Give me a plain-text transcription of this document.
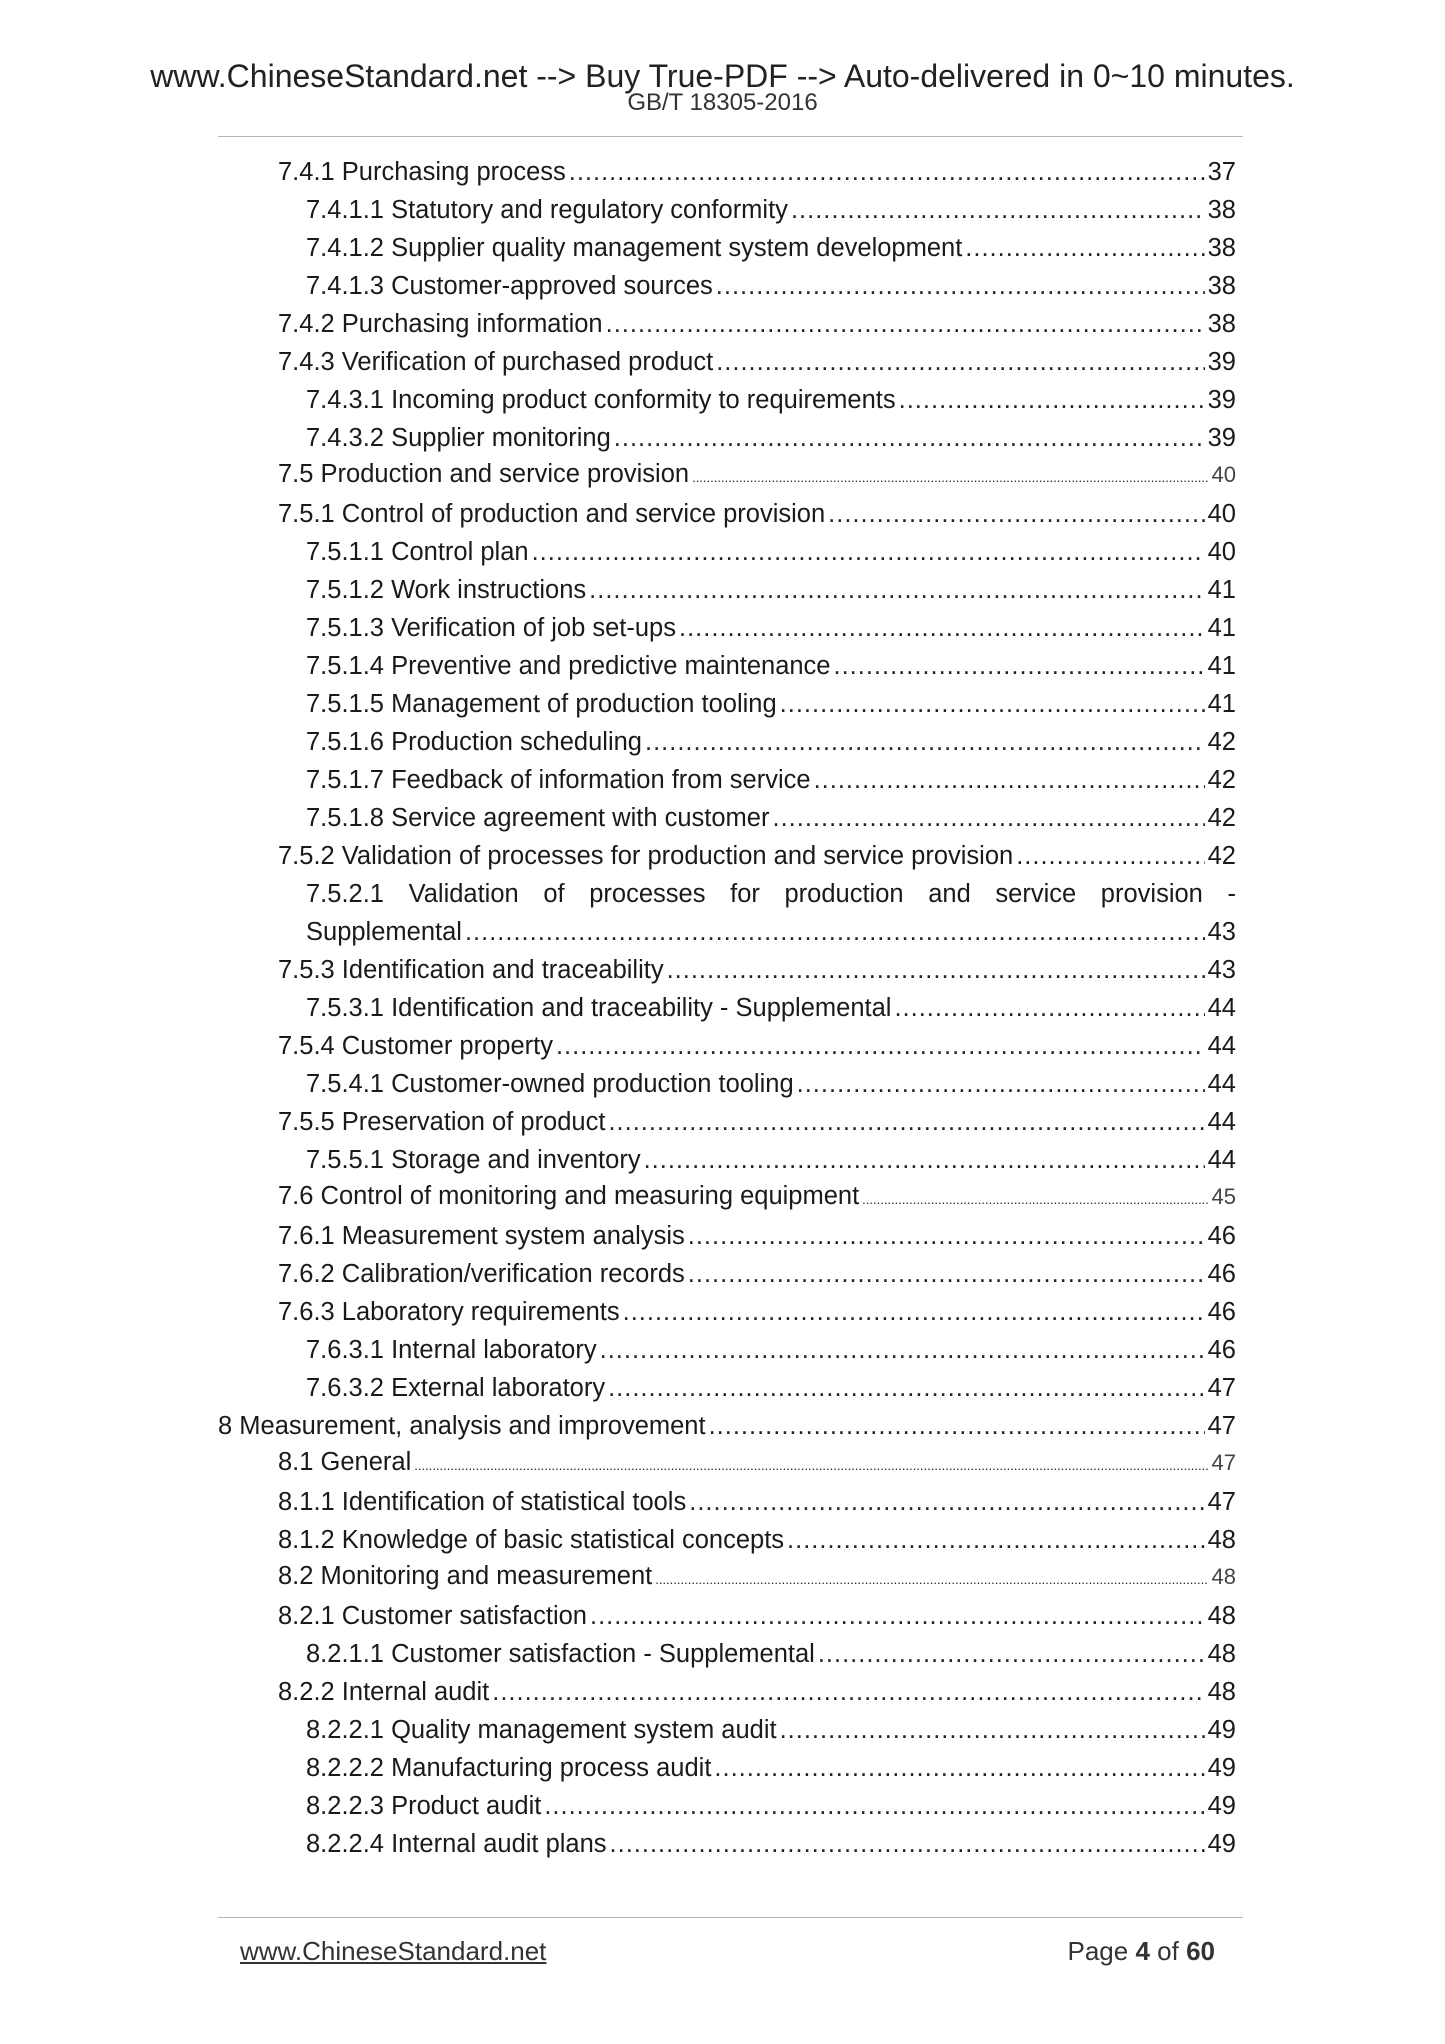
www.ChineseStandard.net --> Buy True-PDF --> Auto-delivered in 0~10 minutes.
GB/T 18305-2016
7.4.1 Purchasing process .....	37
7.4.1.1 Statutory and regulatory conformity .....	38
7.4.1.2 Supplier quality management system development .....	38
7.4.1.3 Customer-approved sources .....	38
7.4.2 Purchasing information .....	38
7.4.3 Verification of purchased product .....	39
7.4.3.1 Incoming product conformity to requirements .....	39
7.4.3.2 Supplier monitoring .....	39
7.5 Production and service provision .....	40
7.5.1 Control of production and service provision .....	40
7.5.1.1 Control plan .....	40
7.5.1.2 Work instructions .....	41
7.5.1.3 Verification of job set-ups .....	41
7.5.1.4 Preventive and predictive maintenance .....	41
7.5.1.5 Management of production tooling .....	41
7.5.1.6 Production scheduling .....	42
7.5.1.7 Feedback of information from service .....	42
7.5.1.8 Service agreement with customer .....	42
7.5.2 Validation of processes for production and service provision .....	42
7.5.2.1 Validation of processes for production and service provision -
Supplemental .....	43
7.5.3 Identification and traceability .....	43
7.5.3.1 Identification and traceability - Supplemental .....	44
7.5.4 Customer property .....	44
7.5.4.1 Customer-owned production tooling .....	44
7.5.5 Preservation of product .....	44
7.5.5.1 Storage and inventory .....	44
7.6 Control of monitoring and measuring equipment .....	45
7.6.1 Measurement system analysis .....	46
7.6.2 Calibration/verification records .....	46
7.6.3 Laboratory requirements .....	46
7.6.3.1 Internal laboratory .....	46
7.6.3.2 External laboratory .....	47
8 Measurement, analysis and improvement .....	47
8.1 General .....	47
8.1.1 Identification of statistical tools .....	47
8.1.2 Knowledge of basic statistical concepts .....	48
8.2 Monitoring and measurement .....	48
8.2.1 Customer satisfaction .....	48
8.2.1.1 Customer satisfaction - Supplemental .....	48
8.2.2 Internal audit .....	48
8.2.2.1 Quality management system audit .....	49
8.2.2.2 Manufacturing process audit .....	49
8.2.2.3 Product audit .....	49
8.2.2.4 Internal audit plans .....	49
www.ChineseStandard.net	Page 4 of 60
